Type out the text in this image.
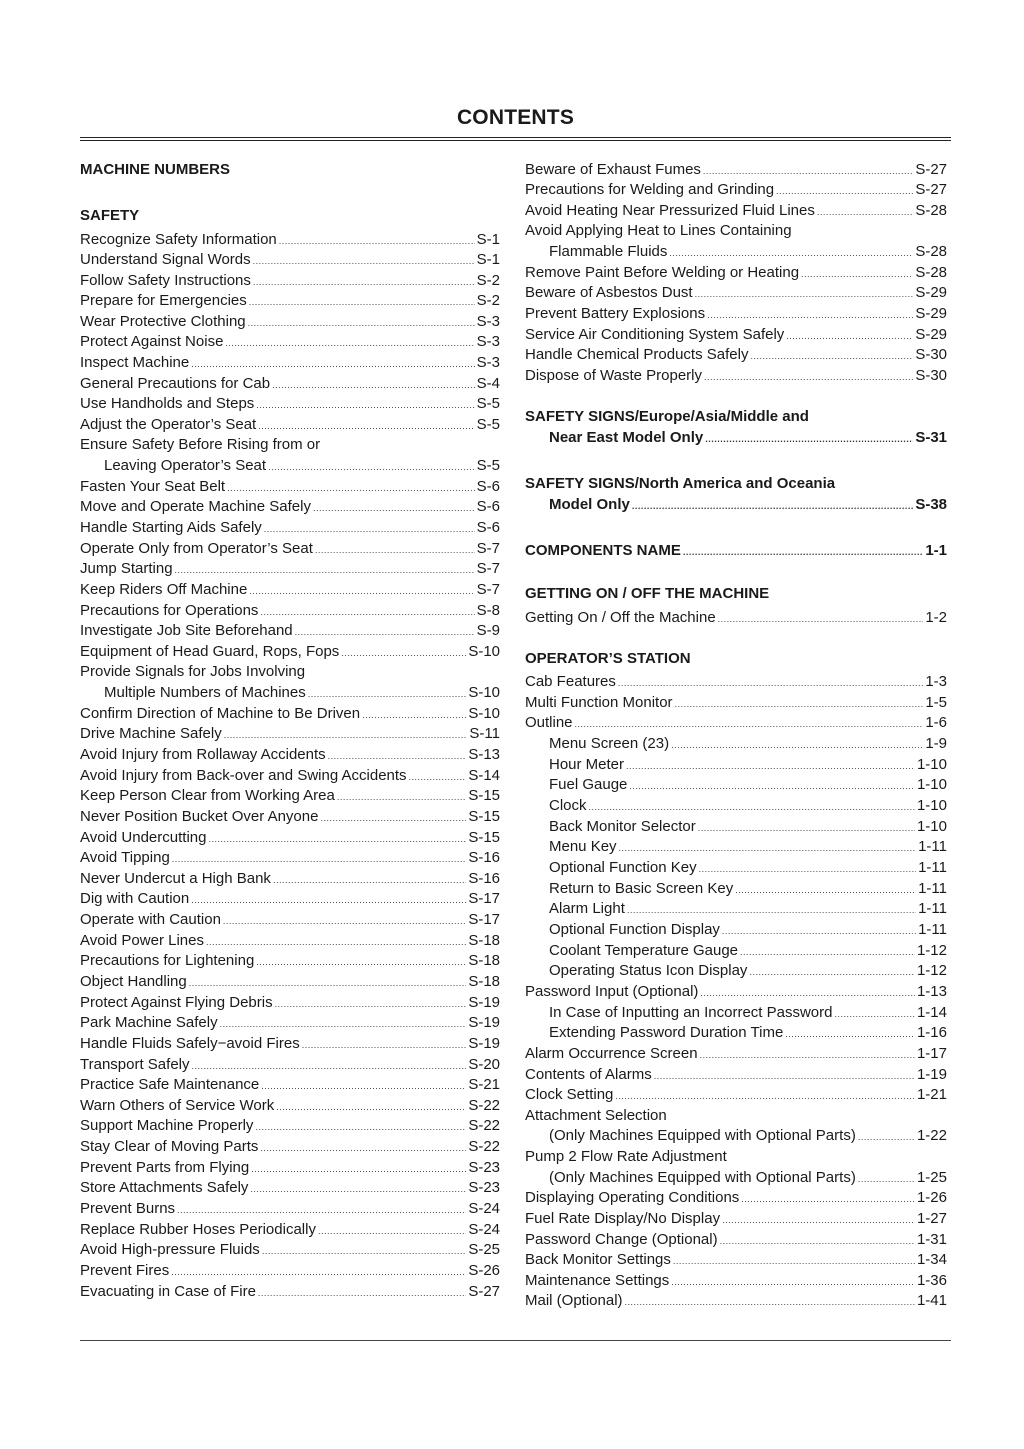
CONTENTS
MACHINE NUMBERS
SAFETY
Recognize Safety Information .....	S-1
Understand Signal Words .....	S-1
Follow Safety Instructions .....	S-2
Prepare for Emergencies .....	S-2
Wear Protective Clothing .....	S-3
Protect Against Noise .....	S-3
Inspect Machine .....	S-3
General Precautions for Cab .....	S-4
Use Handholds and Steps .....	S-5
Adjust the Operator’s Seat .....	S-5
Ensure Safety Before Rising from or
Leaving Operator’s Seat .....	S-5
Fasten Your Seat Belt .....	S-6
Move and Operate Machine Safely .....	S-6
Handle Starting Aids Safely .....	S-6
Operate Only from Operator’s Seat .....	S-7
Jump Starting .....	S-7
Keep Riders Off Machine .....	S-7
Precautions for Operations .....	S-8
Investigate Job Site Beforehand .....	S-9
Equipment of Head Guard, Rops, Fops .....	S-10
Provide Signals for Jobs Involving
Multiple Numbers of Machines .....	S-10
Confirm Direction of Machine to Be Driven .....	S-10
Drive Machine Safely .....	S-11
Avoid Injury from Rollaway Accidents .....	S-13
Avoid Injury from Back-over and Swing Accidents .....	S-14
Keep Person Clear from Working Area .....	S-15
Never Position Bucket Over Anyone .....	S-15
Avoid Undercutting .....	S-15
Avoid Tipping .....	S-16
Never Undercut a High Bank .....	S-16
Dig with Caution .....	S-17
Operate with Caution .....	S-17
Avoid Power Lines .....	S-18
Precautions for Lightening .....	S-18
Object Handling .....	S-18
Protect Against Flying Debris .....	S-19
Park Machine Safely .....	S-19
Handle Fluids Safely−avoid Fires .....	S-19
Transport Safely .....	S-20
Practice Safe Maintenance .....	S-21
Warn Others of Service Work .....	S-22
Support Machine Properly .....	S-22
Stay Clear of Moving Parts .....	S-22
Prevent Parts from Flying .....	S-23
Store Attachments Safely .....	S-23
Prevent Burns .....	S-24
Replace Rubber Hoses Periodically .....	S-24
Avoid High-pressure Fluids .....	S-25
Prevent Fires .....	S-26
Evacuating in Case of Fire .....	S-27
Beware of Exhaust Fumes .....	S-27
Precautions for Welding and Grinding .....	S-27
Avoid Heating Near Pressurized Fluid Lines .....	S-28
Avoid Applying Heat to Lines Containing
Flammable Fluids .....	S-28
Remove Paint Before Welding or Heating .....	S-28
Beware of Asbestos Dust .....	S-29
Prevent Battery Explosions .....	S-29
Service Air Conditioning System Safely .....	S-29
Handle Chemical Products Safely .....	S-30
Dispose of Waste Properly .....	S-30
SAFETY SIGNS/Europe/Asia/Middle and
Near East Model Only .....	S-31
SAFETY SIGNS/North America and Oceania
Model Only .....	S-38
COMPONENTS NAME .....	1-1
GETTING ON / OFF THE MACHINE
Getting On / Off the Machine .....	1-2
OPERATOR’S STATION
Cab Features .....	1-3
Multi Function Monitor .....	1-5
Outline .....	1-6
Menu Screen (23) .....	1-9
Hour Meter .....	1-10
Fuel Gauge .....	1-10
Clock .....	1-10
Back Monitor Selector .....	1-10
Menu Key .....	1-11
Optional Function Key .....	1-11
Return to Basic Screen Key .....	1-11
Alarm Light .....	1-11
Optional Function Display .....	1-11
Coolant Temperature Gauge .....	1-12
Operating Status Icon Display .....	1-12
Password Input (Optional) .....	1-13
In Case of Inputting an Incorrect Password .....	1-14
Extending Password Duration Time .....	1-16
Alarm Occurrence Screen .....	1-17
Contents of Alarms .....	1-19
Clock Setting .....	1-21
Attachment Selection
(Only Machines Equipped with Optional Parts) .....	1-22
Pump 2 Flow Rate Adjustment
(Only Machines Equipped with Optional Parts) .....	1-25
Displaying Operating Conditions .....	1-26
Fuel Rate Display/No Display .....	1-27
Password Change (Optional) .....	1-31
Back Monitor Settings .....	1-34
Maintenance Settings .....	1-36
Mail (Optional) .....	1-41
